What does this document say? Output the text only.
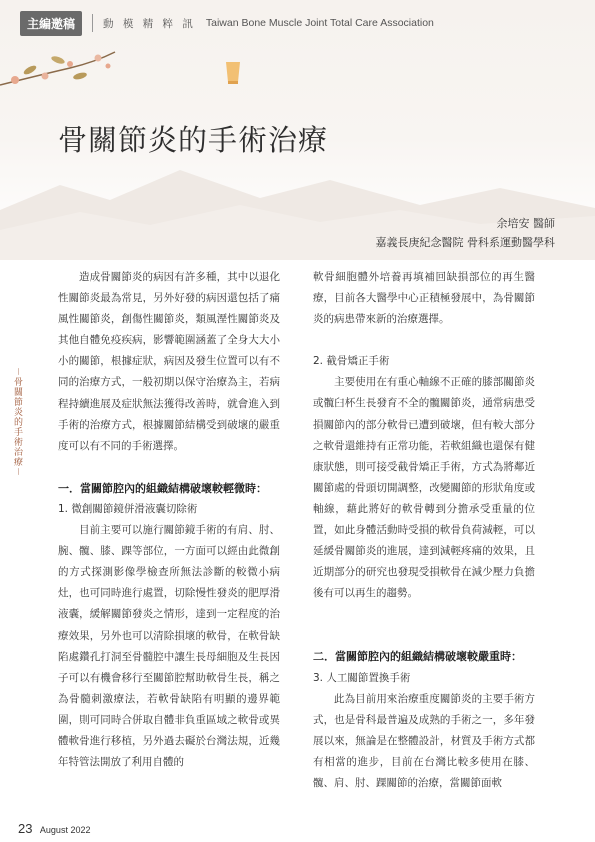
主編邀稿	動 模 精 粹 訊 Taiwan Bone Muscle Joint Total Care Association
骨關節炎的手術治療
余培安 醫師
嘉義長庚紀念醫院 骨科系運動醫學科
－骨關節炎的手術治療－

造成骨關節炎的病因有許多種，其中以退化性關節炎最為常見，另外好發的病因還包括了痛風性關節炎，創傷性關節炎，類風溼性關節炎及其他自體免疫疾病，影響範圍涵蓋了全身大大小小的關節，根據症狀，病因及發生位置可以有不同的治療方式，一般初期以保守治療為主，若病程持續進展及症狀無法獲得改善時，就會進入到手術的治療方式，根據關節結構受到破壞的嚴重度可以有不同的手術選擇。

一．當關節腔內的組織結構破壞較輕微時：

1. 微創關節鏡併滑液囊切除術

目前主要可以施行關節鏡手術的有肩、肘、腕、髖、膝、踝等部位，一方面可以經由此微創的方式探測影像學檢查所無法診斷的較微小病灶，也可同時進行處置，切除慢性發炎的肥厚滑液囊，緩解關節發炎之情形，達到一定程度的治療效果，另外也可以清除損壞的軟骨，在軟骨缺陷處鑽孔打洞至骨髓腔中讓生長母細胞及生長因子可以有機會移行至關節腔幫助軟骨生長，稱之為骨髓刺激療法，若軟骨缺陷有明顯的邊界範圍，則可同時合併取自體非負重區域之軟骨或異體軟骨進行移植，另外過去礙於台灣法規，近幾年特管法開放了利用自體的

軟骨細胞體外培養再填補回缺損部位的再生醫療，目前各大醫學中心正積極發展中，為骨關節炎的病患帶來新的治療選擇。

2. 截骨矯正手術

主要使用在有重心軸線不正確的膝部關節炎或髖臼杯生長發育不全的髖關節炎，通常病患受損關節內的部分軟骨已遭到破壞，但有較大部分之軟骨還維持有正常功能，若軟組織也還保有健康狀態，則可接受截骨矯正手術，方式為將鄰近關節處的骨頭切開調整，改變關節的形狀角度或軸線，藉此將好的軟骨轉到分擔承受重量的位置，如此身體活動時受損的軟骨負荷減輕，可以延緩骨關節炎的進展，達到減輕疼痛的效果，且近期部分的研究也發現受損軟骨在減少壓力負擔後有可以再生的趨勢。

二．當關節腔內的組織結構破壞較嚴重時：

3. 人工關節置換手術

此為目前用來治療重度關節炎的主要手術方式，也是骨科最普遍及成熟的手術之一，多年發展以來，無論是在整體設計，材質及手術方式都有相當的進步，目前在台灣比較多使用在膝、髖、肩、肘、踝關節的治療，當關節面軟

23 August 2022
